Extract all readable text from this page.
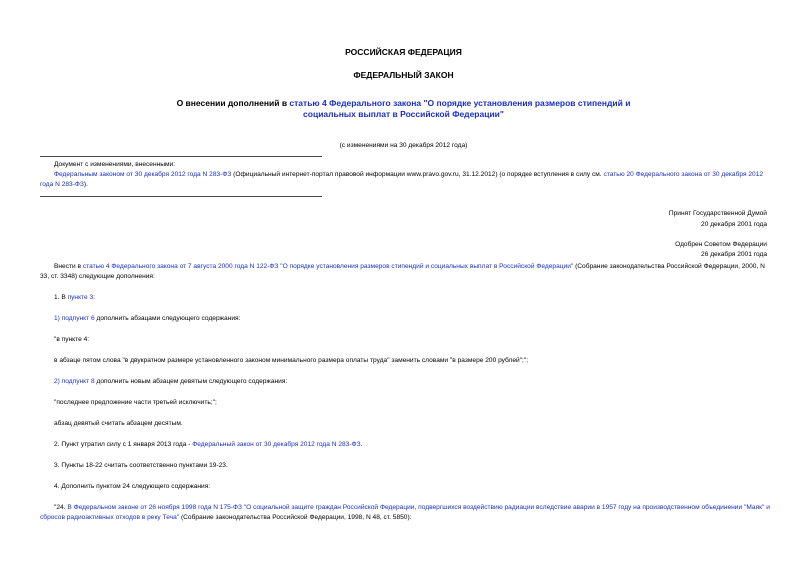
РОССИЙСКАЯ ФЕДЕРАЦИЯ
ФЕДЕРАЛЬНЫЙ ЗАКОН
О внесении дополнений в статью 4 Федерального закона "О порядке установления размеров стипендий и социальных выплат в Российской Федерации"
(с изменениями на 30 декабря 2012 года)
Документ с изменениями, внесенными:
Федеральным законом от 30 декабря 2012 года N 283-ФЗ (Официальный интернет-портал правовой информации www.pravo.gov.ru, 31.12.2012) (о порядке вступления в силу см. статью 20 Федерального закона от 30 декабря 2012 года N 283-ФЗ).
Принят Государственной Думой
20 декабря 2001 года
Одобрен Советом Федерации
26 декабря 2001 года
Внести в статью 4 Федерального закона от 7 августа 2000 года N 122-ФЗ "О порядке установления размеров стипендий и социальных выплат в Российской Федерации" (Собрание законодательства Российской Федерации, 2000, N 33, ст. 3348) следующие дополнения:
1. В пункте 3:
1) подпункт 6 дополнить абзацами следующего содержания:
"в пункте 4:
в абзаце пятом слова "в двукратном размере установленного законом минимального размера оплаты труда" заменить словами "в размере 200 рублей";";
2) подпункт 8 дополнить новым абзацем девятым следующего содержания:
"последнее предложение части третьей исключить;";
абзац девятый считать абзацем десятым.
2. Пункт утратил силу с 1 января 2013 года - Федеральный закон от 30 декабря 2012 года N 283-ФЗ.
3. Пункты 18-22 считать соответственно пунктами 19-23.
4. Дополнить пунктом 24 следующего содержания:
"24. В Федеральном законе от 26 ноября 1998 года N 175-ФЗ "О социальной защите граждан Российской Федерации, подвергшихся воздействию радиации вследствие аварии в 1957 году на производственном объединении "Маяк" и сбросов радиоактивных отходов в реку Теча" (Собрание законодательства Российской Федерации, 1998, N 48, ст. 5850):
